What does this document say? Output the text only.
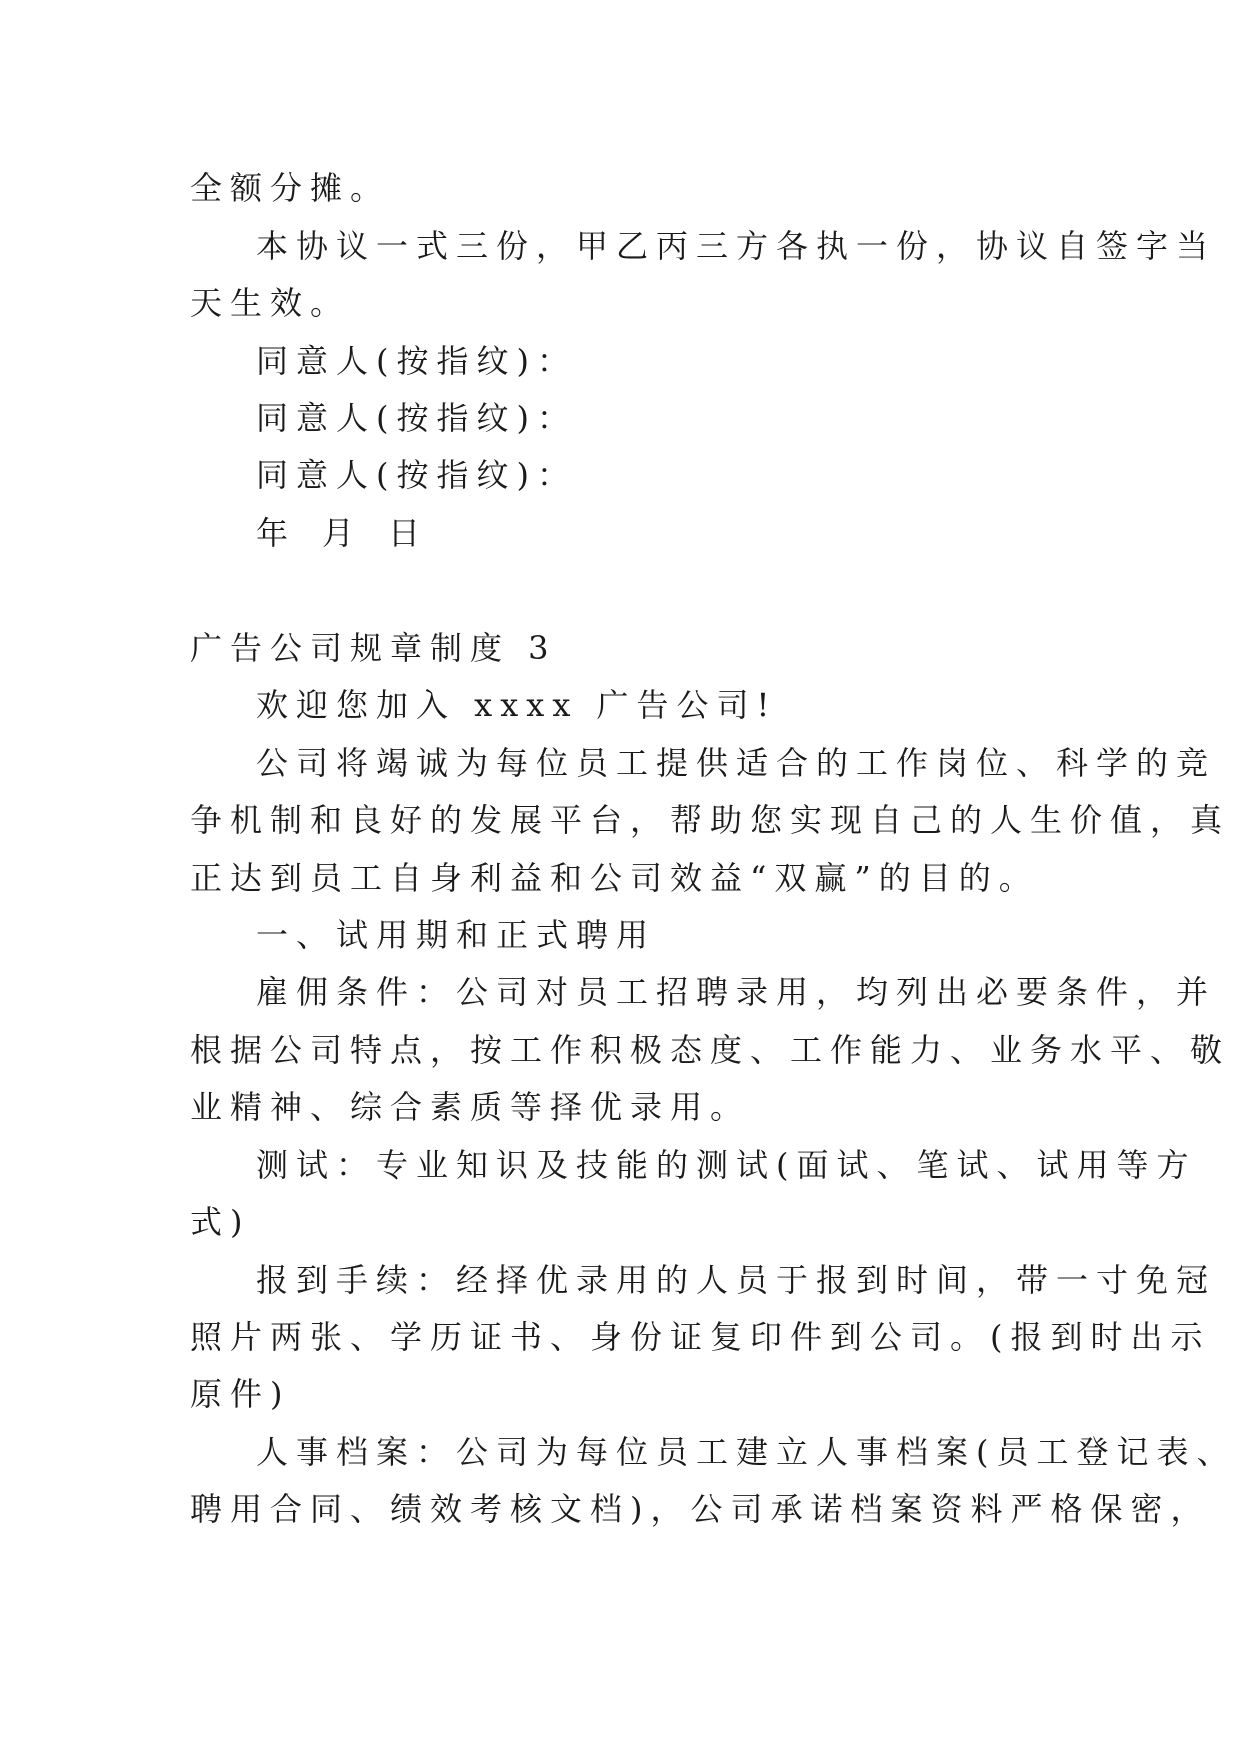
全额分摊。
本协议一式三份，甲乙丙三方各执一份，协议自签字当
天生效。
同意人(按指纹)：
同意人(按指纹)：
同意人(按指纹)：
年 月 日
广告公司规章制度 3
欢迎您加入 xxxx 广告公司!
公司将竭诚为每位员工提供适合的工作岗位、科学的竞
争机制和良好的发展平台，帮助您实现自己的人生价值，真
正达到员工自身利益和公司效益“双赢”的目的。
一、试用期和正式聘用
雇佣条件：公司对员工招聘录用，均列出必要条件，并
根据公司特点，按工作积极态度、工作能力、业务水平、敬
业精神、综合素质等择优录用。
测试：专业知识及技能的测试(面试、笔试、试用等方
式)
报到手续：经择优录用的人员于报到时间，带一寸免冠
照片两张、学历证书、身份证复印件到公司。(报到时出示
原件)
人事档案：公司为每位员工建立人事档案(员工登记表、
聘用合同、绩效考核文档)，公司承诺档案资料严格保密，
